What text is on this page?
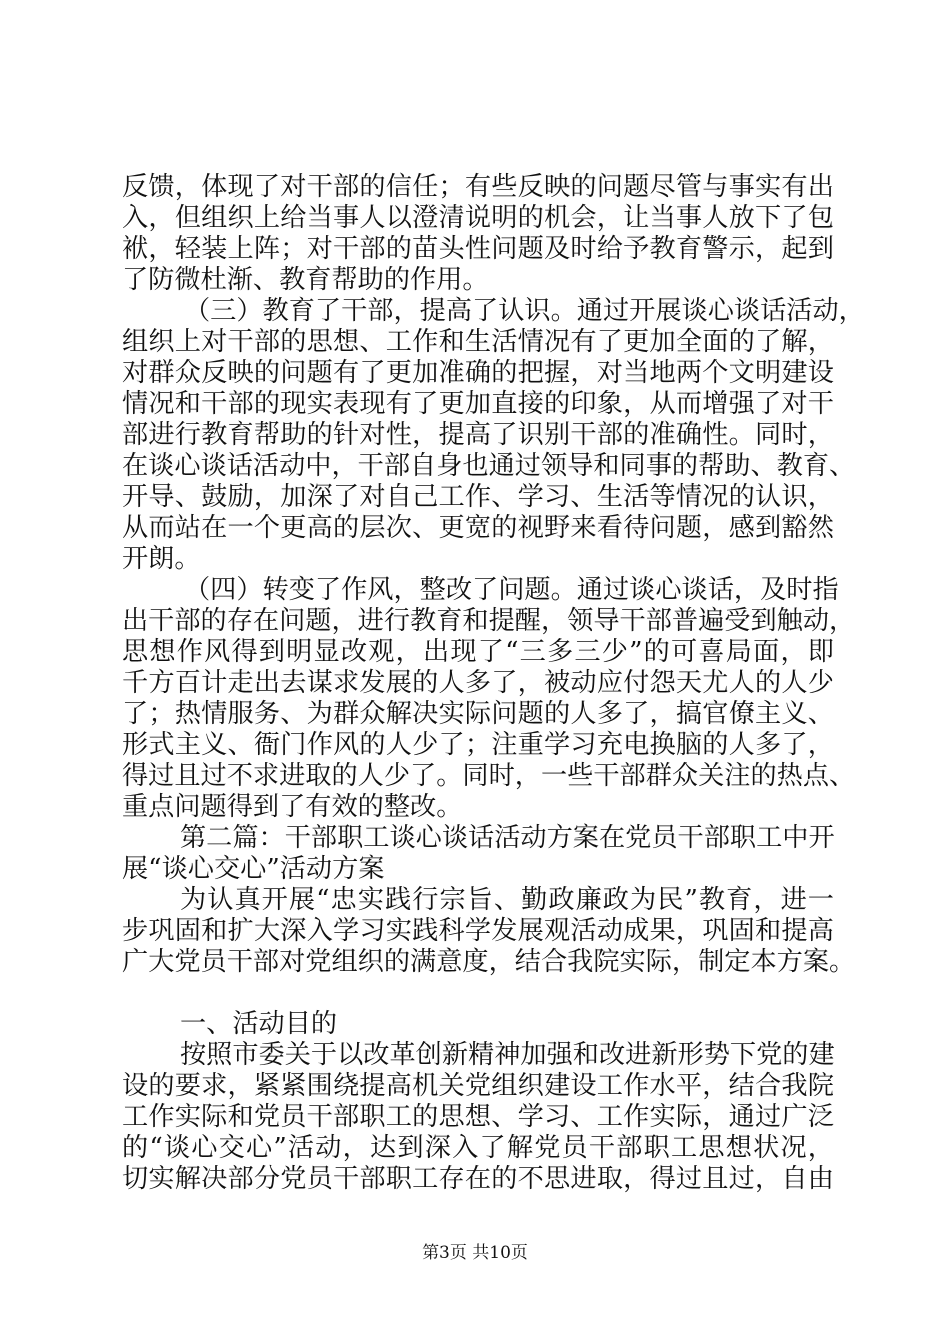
反馈，体现了对干部的信任；有些反映的问题尽管与事实有出
入，但组织上给当事人以澄清说明的机会，让当事人放下了包
袱，轻装上阵；对干部的苗头性问题及时给予教育警示，起到
了防微杜渐、教育帮助的作用。
（三）教育了干部，提高了认识。通过开展谈心谈话活动，
组织上对干部的思想、工作和生活情况有了更加全面的了解，
对群众反映的问题有了更加准确的把握，对当地两个文明建设
情况和干部的现实表现有了更加直接的印象，从而增强了对干
部进行教育帮助的针对性，提高了识别干部的准确性。同时，
在谈心谈话活动中，干部自身也通过领导和同事的帮助、教育、
开导、鼓励，加深了对自己工作、学习、生活等情况的认识，
从而站在一个更高的层次、更宽的视野来看待问题，感到豁然
开朗。
（四）转变了作风，整改了问题。通过谈心谈话，及时指
出干部的存在问题，进行教育和提醒，领导干部普遍受到触动，
思想作风得到明显改观，出现了“三多三少”的可喜局面，即
千方百计走出去谋求发展的人多了，被动应付怨天尤人的人少
了；热情服务、为群众解决实际问题的人多了，搞官僚主义、
形式主义、衙门作风的人少了；注重学习充电换脑的人多了，
得过且过不求进取的人少了。同时，一些干部群众关注的热点、
重点问题得到了有效的整改。
第二篇：干部职工谈心谈话活动方案在党员干部职工中开
展“谈心交心”活动方案
为认真开展“忠实践行宗旨、勤政廉政为民”教育，进一
步巩固和扩大深入学习实践科学发展观活动成果，巩固和提高
广大党员干部对党组织的满意度，结合我院实际，制定本方案。
一、活动目的
按照市委关于以改革创新精神加强和改进新形势下党的建
设的要求，紧紧围绕提高机关党组织建设工作水平，结合我院
工作实际和党员干部职工的思想、学习、工作实际，通过广泛
的“谈心交心”活动，达到深入了解党员干部职工思想状况，
切实解决部分党员干部职工存在的不思进取，得过且过，自由
第3页 共10页
